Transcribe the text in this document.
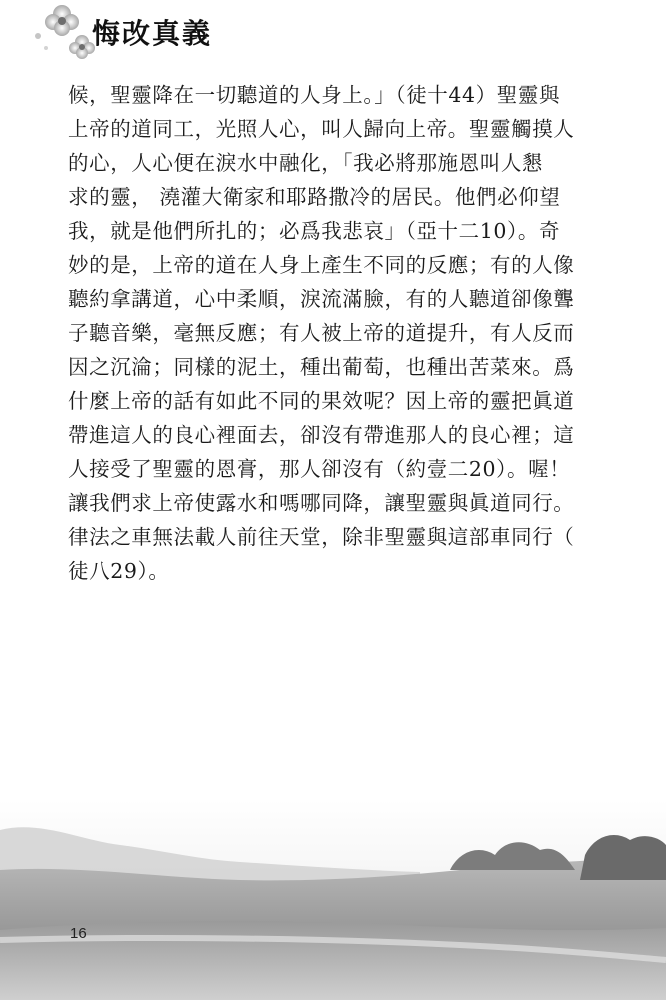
悔改真義
候，聖靈降在一切聽道的人身上。」（徒十44）聖靈與
上帝的道同工，光照人心，叫人歸向上帝。聖靈觸摸人
的心，人心便在淚水中融化，「我必將那施恩叫人懇
求的靈， 澆灌大衛家和耶路撒冷的居民。他們必仰望
我，就是他們所扎的；必爲我悲哀」（亞十二10）。奇
妙的是，上帝的道在人身上產生不同的反應；有的人像
聽約拿講道，心中柔順，淚流滿臉，有的人聽道卻像聾
子聽音樂，毫無反應；有人被上帝的道提升，有人反而
因之沉淪；同樣的泥土，種出葡萄，也種出苦菜來。爲
什麼上帝的話有如此不同的果效呢？因上帝的靈把眞道
帶進這人的良心裡面去，卻沒有帶進那人的良心裡；這
人接受了聖靈的恩膏，那人卻沒有（約壹二20）。喔！
讓我們求上帝使露水和嗎哪同降，讓聖靈與眞道同行。
律法之車無法載人前往天堂，除非聖靈與這部車同行（
徒八29）。
16
